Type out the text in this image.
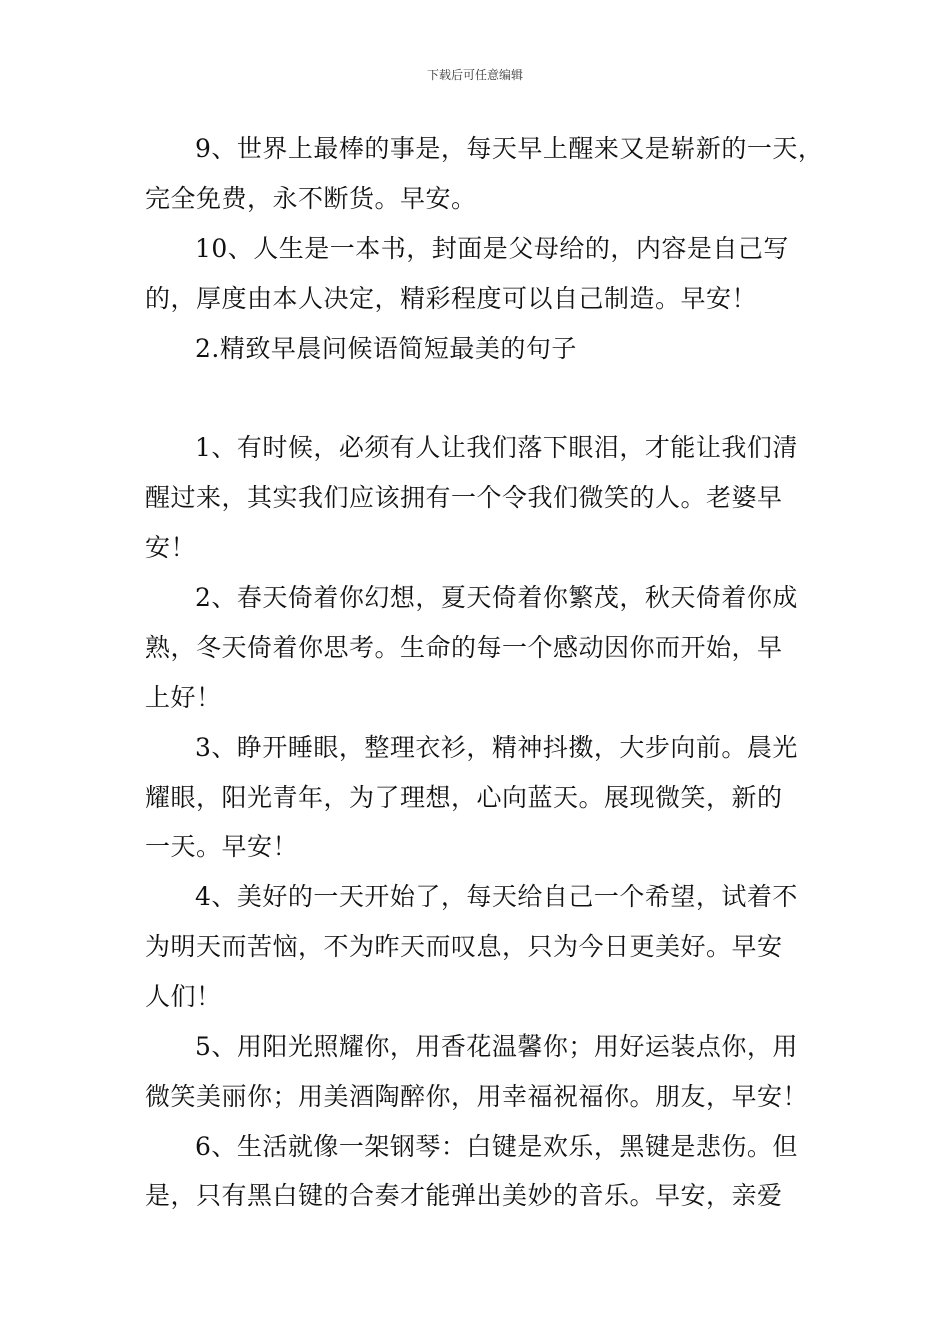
下载后可任意编辑
9、世界上最棒的事是，每天早上醒来又是崭新的一天，
完全免费，永不断货。早安。
10、人生是一本书，封面是父母给的，内容是自己写
的，厚度由本人决定，精彩程度可以自己制造。早安！
2.精致早晨问候语简短最美的句子
1、有时候，必须有人让我们落下眼泪，才能让我们清
醒过来，其实我们应该拥有一个令我们微笑的人。老婆早
安！
2、春天倚着你幻想，夏天倚着你繁茂，秋天倚着你成
熟，冬天倚着你思考。生命的每一个感动因你而开始，早
上好！
3、睁开睡眼，整理衣衫，精神抖擞，大步向前。晨光
耀眼，阳光青年，为了理想，心向蓝天。展现微笑，新的
一天。早安！
4、美好的一天开始了，每天给自己一个希望，试着不
为明天而苦恼，不为昨天而叹息，只为今日更美好。早安
人们！
5、用阳光照耀你，用香花温馨你；用好运装点你，用
微笑美丽你；用美酒陶醉你，用幸福祝福你。朋友，早安！
6、生活就像一架钢琴：白键是欢乐，黑键是悲伤。但
是，只有黑白键的合奏才能弹出美妙的音乐。早安，亲爱
